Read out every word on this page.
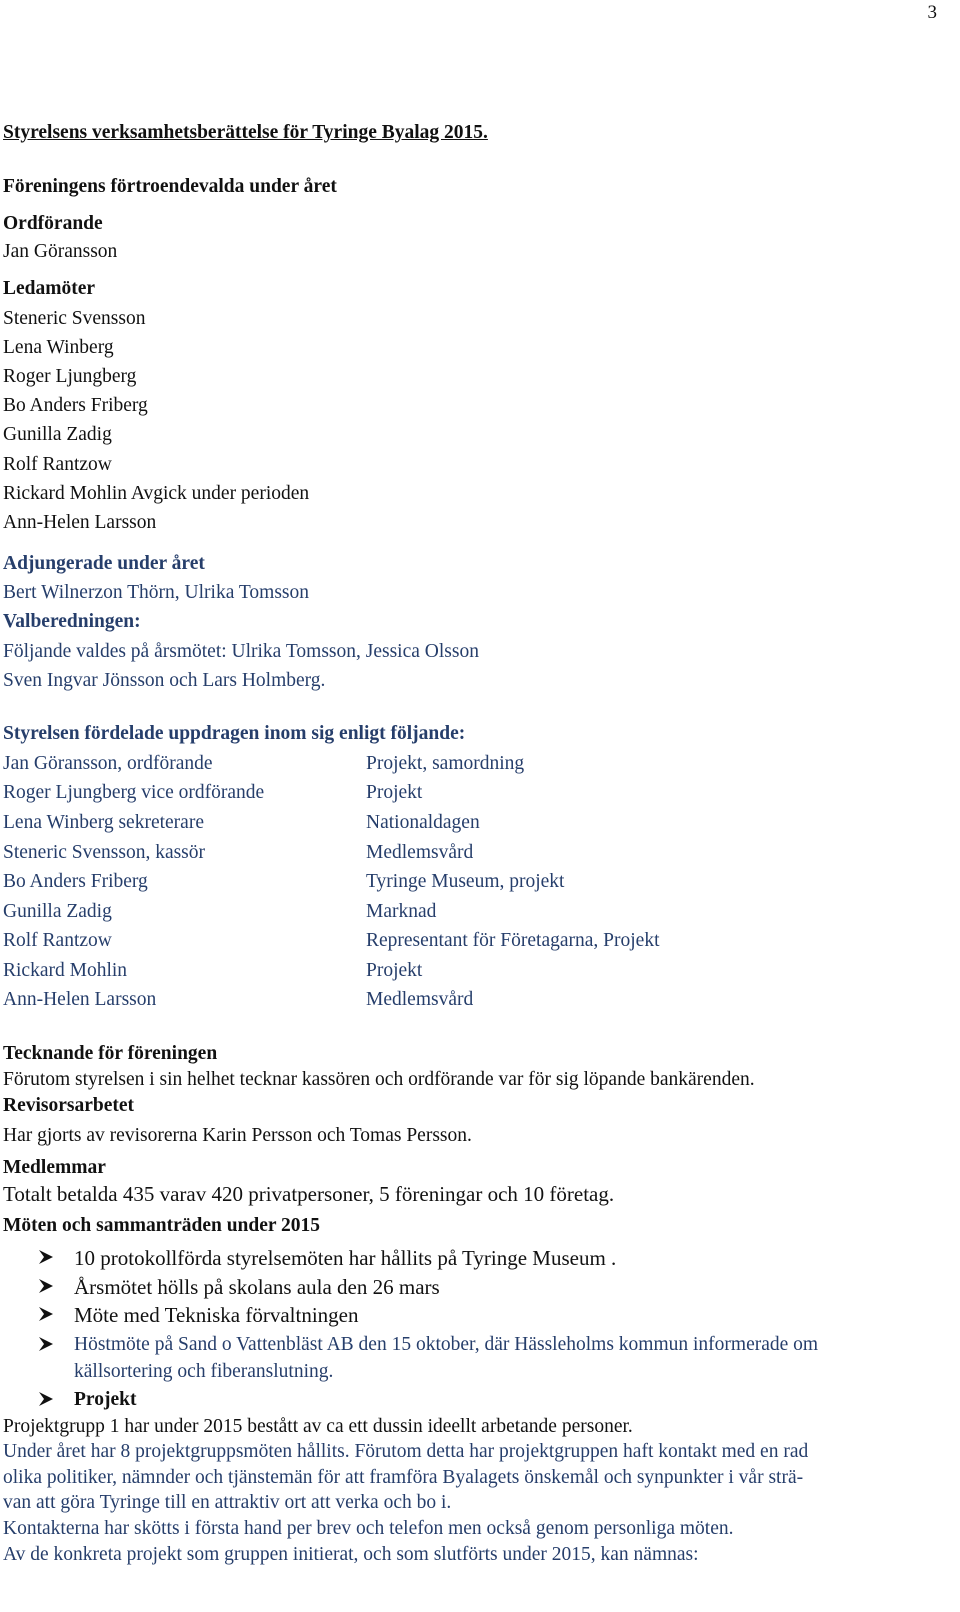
3
Styrelsens verksamhetsberättelse för Tyringe Byalag 2015.
Föreningens förtroendevalda under året
Ordförande
Jan Göransson
Ledamöter
Steneric Svensson
Lena Winberg
Roger Ljungberg
Bo Anders Friberg
Gunilla Zadig
Rolf Rantzow
Rickard Mohlin Avgick under perioden
Ann-Helen Larsson
Adjungerade under året
Bert Wilnerzon Thörn, Ulrika Tomsson
Valberedningen:
Följande valdes på årsmötet: Ulrika Tomsson, Jessica Olsson
Sven Ingvar Jönsson och Lars Holmberg.
Styrelsen fördelade uppdragen inom sig enligt följande:
Jan Göransson, ordförande	Projekt, samordning
Roger Ljungberg vice ordförande	Projekt
Lena Winberg sekreterare	Nationaldagen
Steneric Svensson, kassör	Medlemsvård
Bo Anders Friberg	Tyringe Museum, projekt
Gunilla Zadig	Marknad
Rolf Rantzow	Representant för Företagarna, Projekt
Rickard Mohlin	Projekt
Ann-Helen Larsson	Medlemsvård
Tecknande för föreningen
Förutom styrelsen i sin helhet tecknar kassören och ordförande var för sig löpande bankärenden.
Revisorsarbetet
Har gjorts av revisorerna Karin Persson och Tomas Persson.
Medlemmar
Totalt betalda 435 varav 420 privatpersoner, 5 föreningar och 10 företag.
Möten och sammanträden under 2015
10 protokollförda styrelsemöten har hållits på Tyringe Museum .
Årsmötet hölls på skolans aula den 26 mars
Möte med Tekniska förvaltningen
Höstmöte på Sand o Vattenbläst AB den 15 oktober, där Hässleholms kommun informerade om
källsortering och fiberanslutning.
Projekt
Projektgrupp 1 har under 2015 bestått av ca ett dussin ideellt arbetande personer.
Under året har 8 projektgruppsmöten hållits. Förutom detta har projektgruppen haft kontakt med en rad
olika politiker, nämnder och tjänstemän för att framföra Byalagets önskemål och synpunkter i vår strä-
van att göra Tyringe till en attraktiv ort att verka och bo i.
Kontakterna har skötts i första hand per brev och telefon men också genom personliga möten.
Av de konkreta projekt som gruppen initierat, och som slutförts under 2015, kan nämnas:
